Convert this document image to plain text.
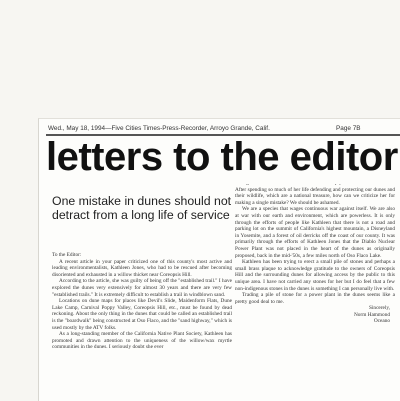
Wed., May 18, 1994—Five Cities Times-Press-Recorder, Arroyo Grande, Calif.	Page 7B
letters to the editor
One mistake in dunes should not detract from a long life of service

To the Editor:

A recent article in your paper criticized one of this county's most active and leading environmentalists, Kathleen Jones, who had to be rescued after becoming disoriented and exhausted in a willow thicket near Coreopsis Hill.

According to the article, she was guilty of being off the "established trail." I have explored the dunes very extensively for almost 30 years and there are very few "established trails." It is extremely difficult to establish a trail in windblown sand.

Locations on dune maps for places like Devil's Slide, Maidenform Flats, Dune Lake Camp, Carnival Poppy Valley, Coreopsis Hill, etc., must be found by dead reckoning. About the only thing in the dunes that could be called an established trail is the "boardwalk" being constructed at Oso Flaco, and the "sand highway," which is used mostly by the ATV folks.

As a long-standing member of the California Native Plant Society, Kathleen has promoted and drawn attention to the uniqueness of the willow/wax myrtle communities in the dunes. I seriously doubt she ever

After spending so much of her life defending and protecting our dunes and their wildlife, which are a national treasure, how can we criticize her for making a single mistake? We should be ashamed.

We are a species that wages continuous war against itself. We are also at war with our earth and environment, which are powerless. It is only through the efforts of people like Kathleen that there is not a road and parking lot on the summit of California's highest mountain, a Disneyland in Yosemite, and a forest of oil derricks off the coast of our county. It was primarily through the efforts of Kathleen Jones that the Diablo Nuclear Power Plant was not placed in the heart of the dunes as originally proposed, back in the mid-'50s, a few miles north of Oso Flaco Lake.

Kathleen has been trying to erect a small pile of stones and perhaps a small brass plaque to acknowledge gratitude to the owners of Coreopsis Hill and the surrounding dunes for allowing access by the public to this unique area. I have not carried any stones for her but I do feel that a few non-indigenous stones in the dunes is something I can personally live with.

Trading a pile of stone for a power plant in the dunes seems like a pretty good deal to me.

Sincerely,

Norm Hammond

Oceano
